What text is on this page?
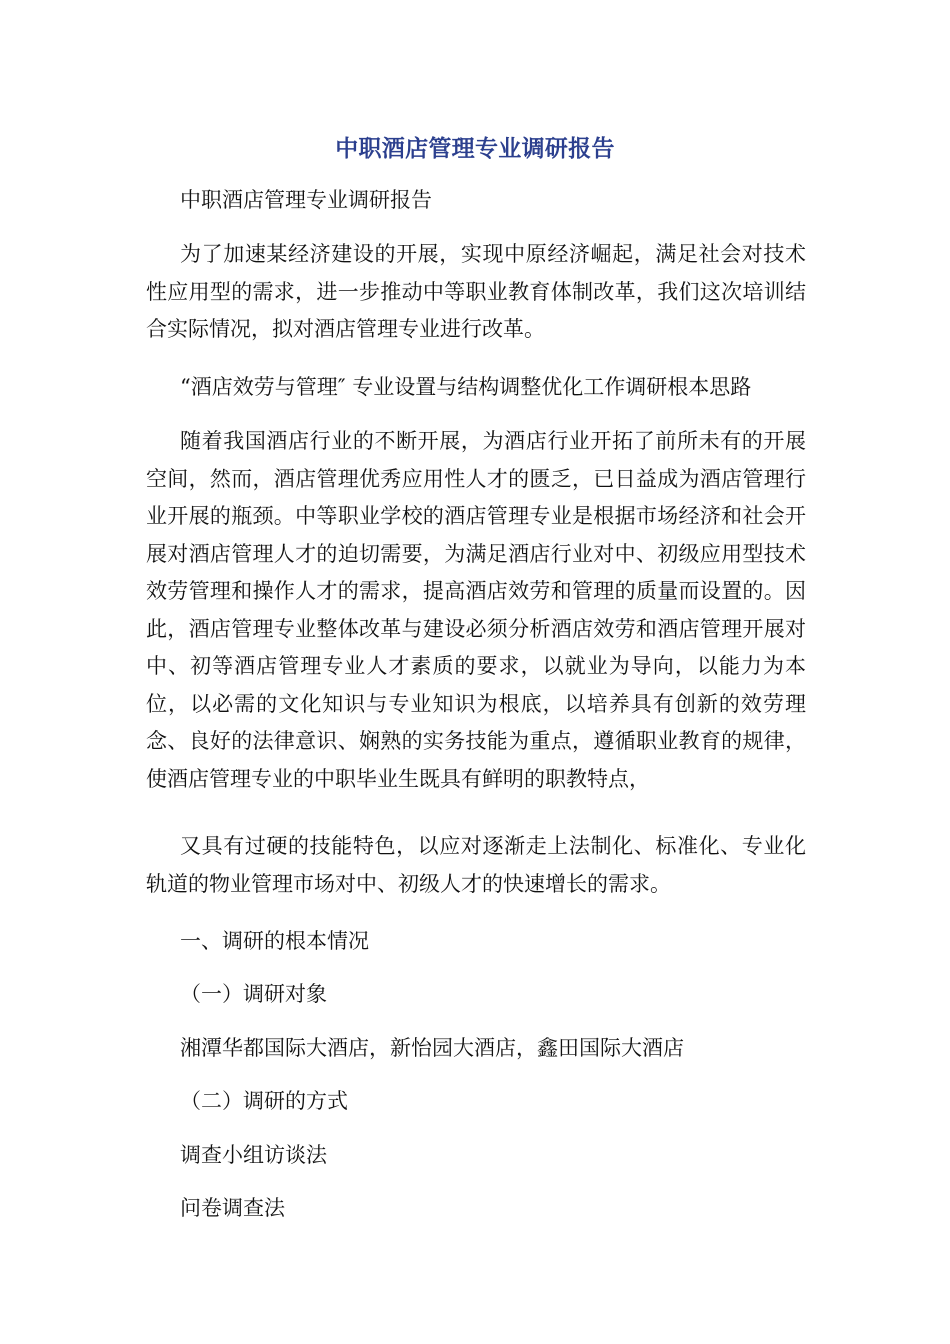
中职酒店管理专业调研报告

中职酒店管理专业调研报告

为了加速某经济建设的开展，实现中原经济崛起，满足社会对技术性应用型的需求，进一步推动中等职业教育体制改革，我们这次培训结合实际情况，拟对酒店管理专业进行改革。

“酒店效劳与管理″ 专业设置与结构调整优化工作调研根本思路

随着我国酒店行业的不断开展，为酒店行业开拓了前所未有的开展空间，然而，酒店管理优秀应用性人才的匮乏，已日益成为酒店管理行业开展的瓶颈。中等职业学校的酒店管理专业是根据市场经济和社会开展对酒店管理人才的迫切需要，为满足酒店行业对中、初级应用型技术效劳管理和操作人才的需求，提高酒店效劳和管理的质量而设置的。因此，酒店管理专业整体改革与建设必须分析酒店效劳和酒店管理开展对中、初等酒店管理专业人才素质的要求，以就业为导向，以能力为本位，以必需的文化知识与专业知识为根底，以培养具有创新的效劳理念、良好的法律意识、娴熟的实务技能为重点，遵循职业教育的规律，使酒店管理专业的中职毕业生既具有鲜明的职教特点，

又具有过硬的技能特色，以应对逐渐走上法制化、标准化、专业化轨道的物业管理市场对中、初级人才的快速增长的需求。

一、调研的根本情况

（一）调研对象

湘潭华都国际大酒店，新怡园大酒店，鑫田国际大酒店

（二）调研的方式

调查小组访谈法

问卷调查法
